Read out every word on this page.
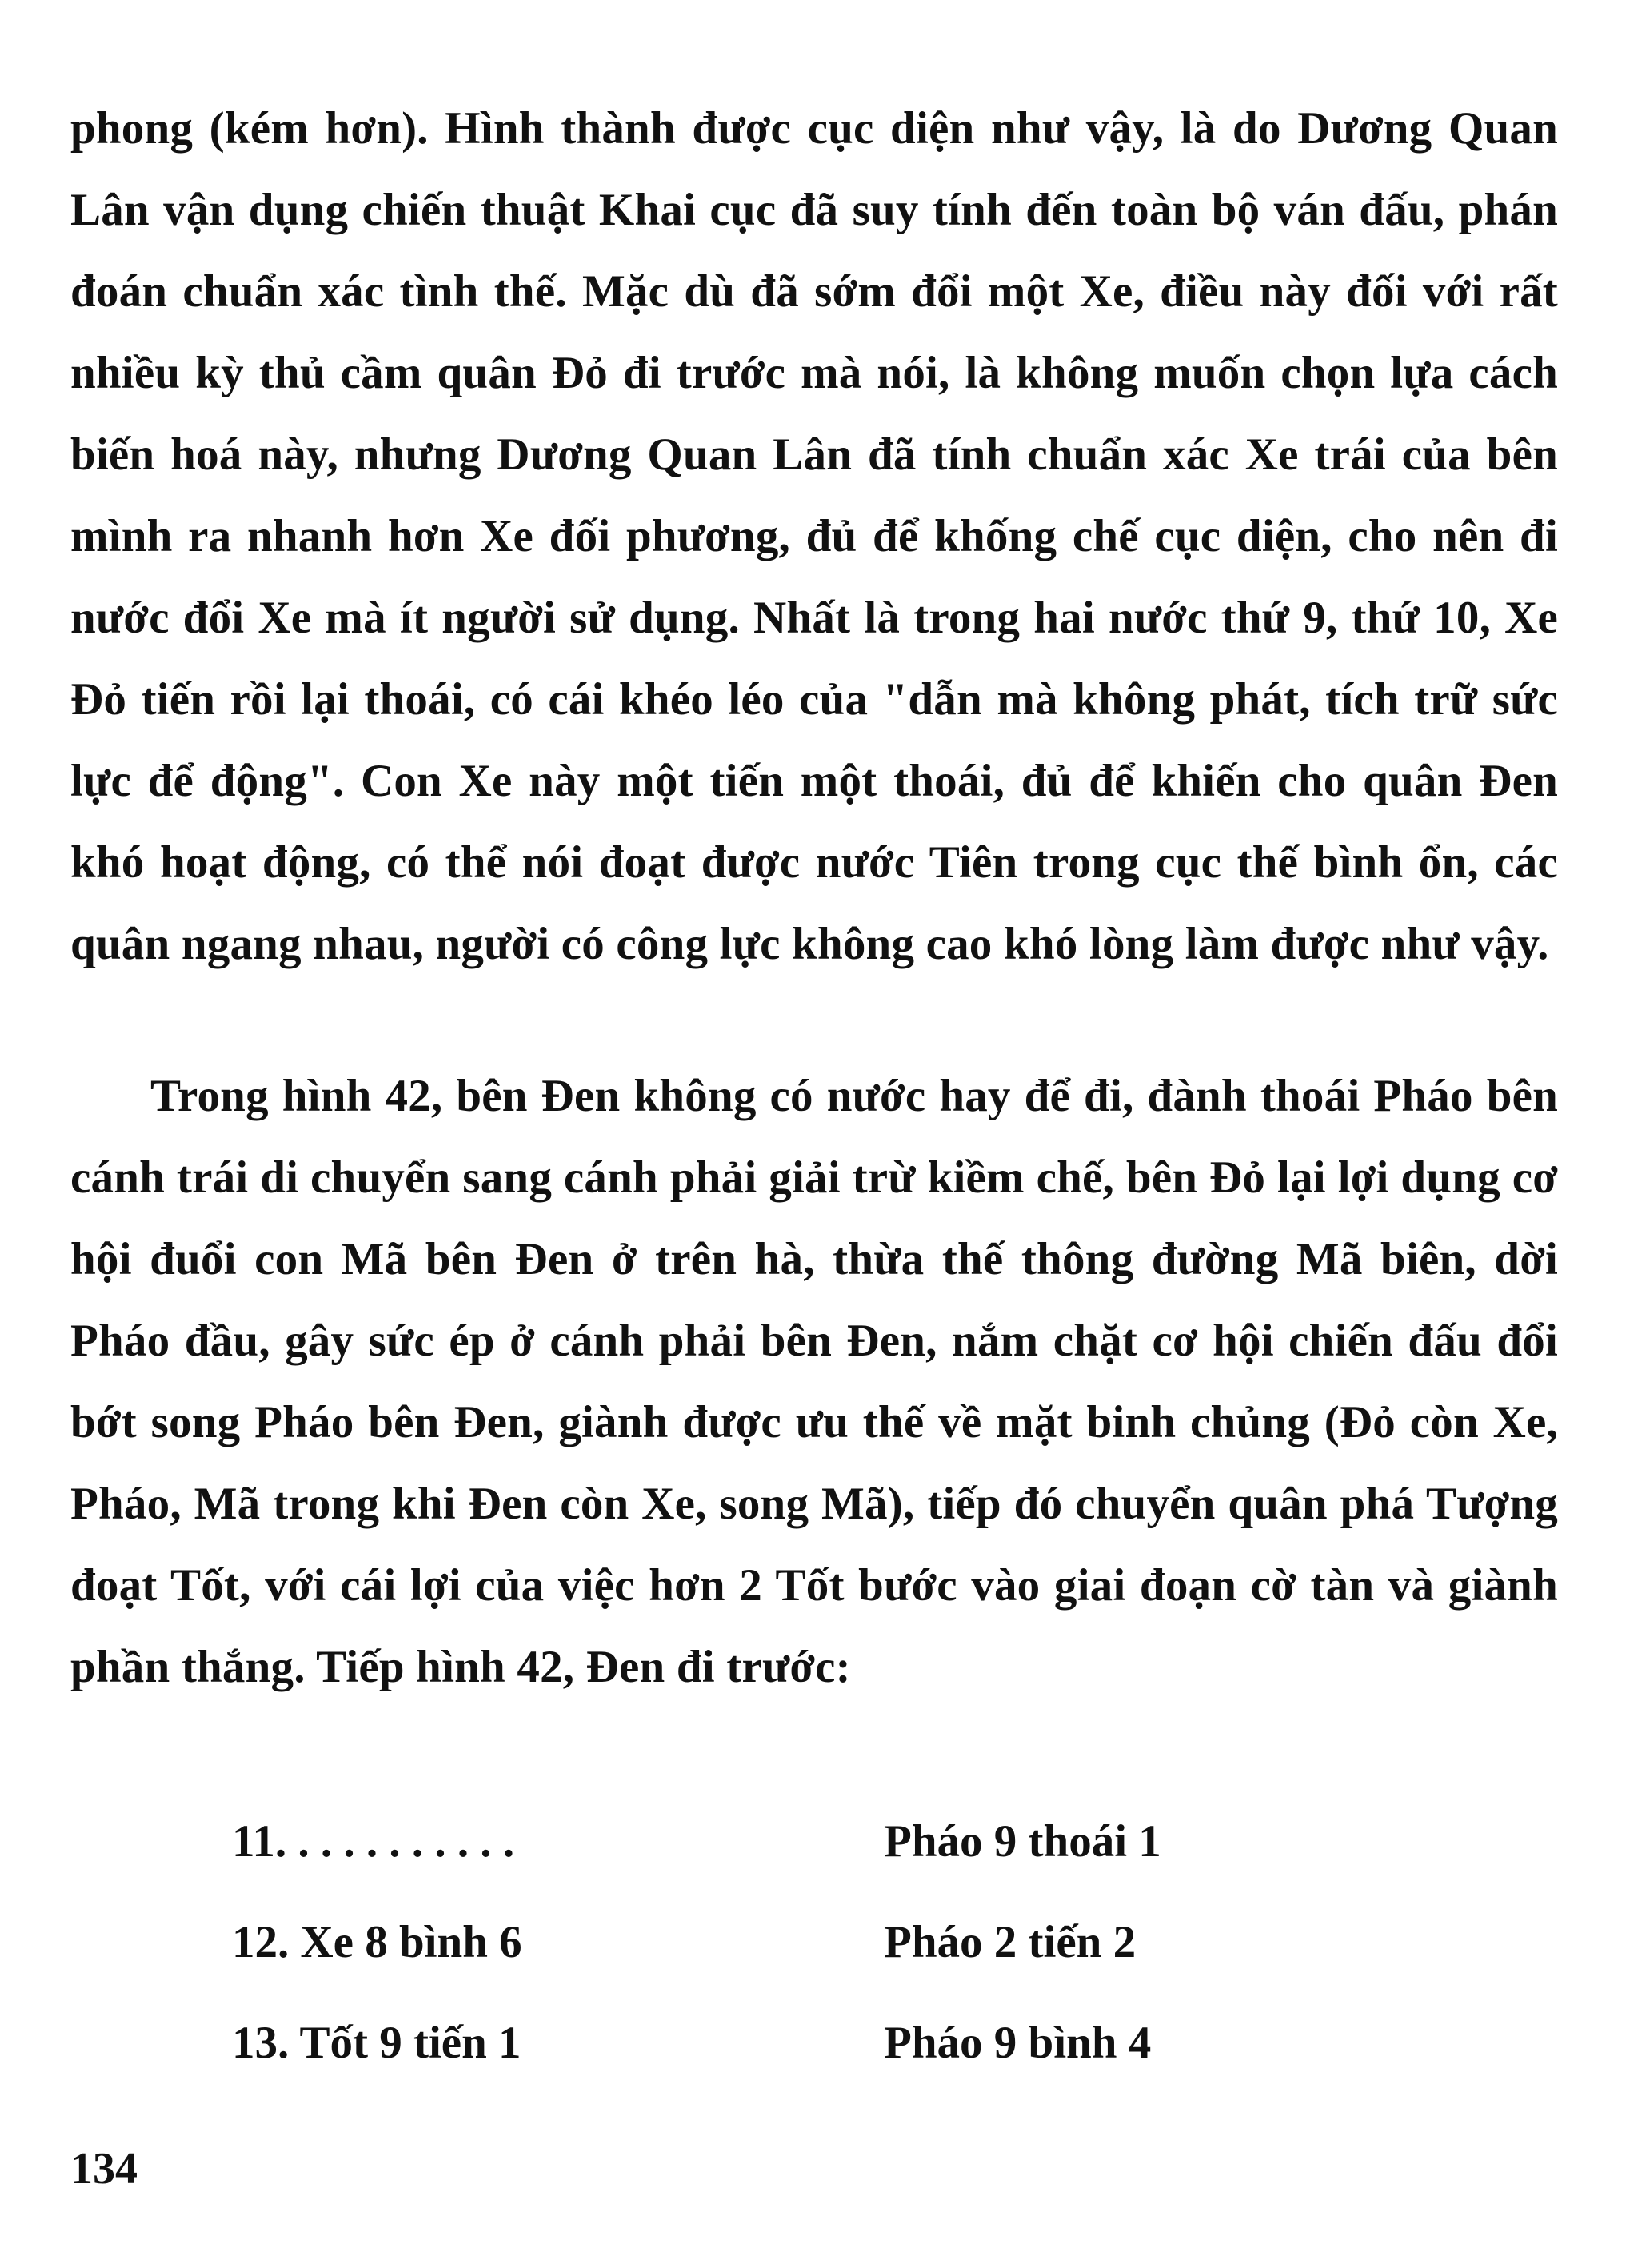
phong (kém hơn). Hình thành được cục diện như vậy, là do Dương Quan Lân vận dụng chiến thuật Khai cục đã suy tính đến toàn bộ ván đấu, phán đoán chuẩn xác tình thế. Mặc dù đã sớm đổi một Xe, điều này đối với rất nhiều kỳ thủ cầm quân Đỏ đi trước mà nói, là không muốn chọn lựa cách biến hoá này, nhưng Dương Quan Lân đã tính chuẩn xác Xe trái của bên mình ra nhanh hơn Xe đối phương, đủ để khống chế cục diện, cho nên đi nước đổi Xe mà ít người sử dụng. Nhất là trong hai nước thứ 9, thứ 10, Xe Đỏ tiến rồi lại thoái, có cái khéo léo của "dẫn mà không phát, tích trữ sức lực để động". Con Xe này một tiến một thoái, đủ để khiến cho quân Đen khó hoạt động, có thể nói đoạt được nước Tiên trong cục thế bình ổn, các quân ngang nhau, người có công lực không cao khó lòng làm được như vậy.

Trong hình 42, bên Đen không có nước hay để đi, đành thoái Pháo bên cánh trái di chuyển sang cánh phải giải trừ kiềm chế, bên Đỏ lại lợi dụng cơ hội đuổi con Mã bên Đen ở trên hà, thừa thế thông đường Mã biên, dời Pháo đầu, gây sức ép ở cánh phải bên Đen, nắm chặt cơ hội chiến đấu đổi bớt song Pháo bên Đen, giành được ưu thế về mặt binh chủng (Đỏ còn Xe, Pháo, Mã trong khi Đen còn Xe, song Mã), tiếp đó chuyển quân phá Tượng đoạt Tốt, với cái lợi của việc hơn 2 Tốt bước vào giai đoạn cờ tàn và giành phần thắng. Tiếp hình 42, Đen đi trước:

11. . . . . . . . . . .	Pháo 9 thoái 1
12. Xe 8 bình 6	Pháo 2 tiến 2
13. Tốt 9 tiến 1	Pháo 9 bình 4
134
